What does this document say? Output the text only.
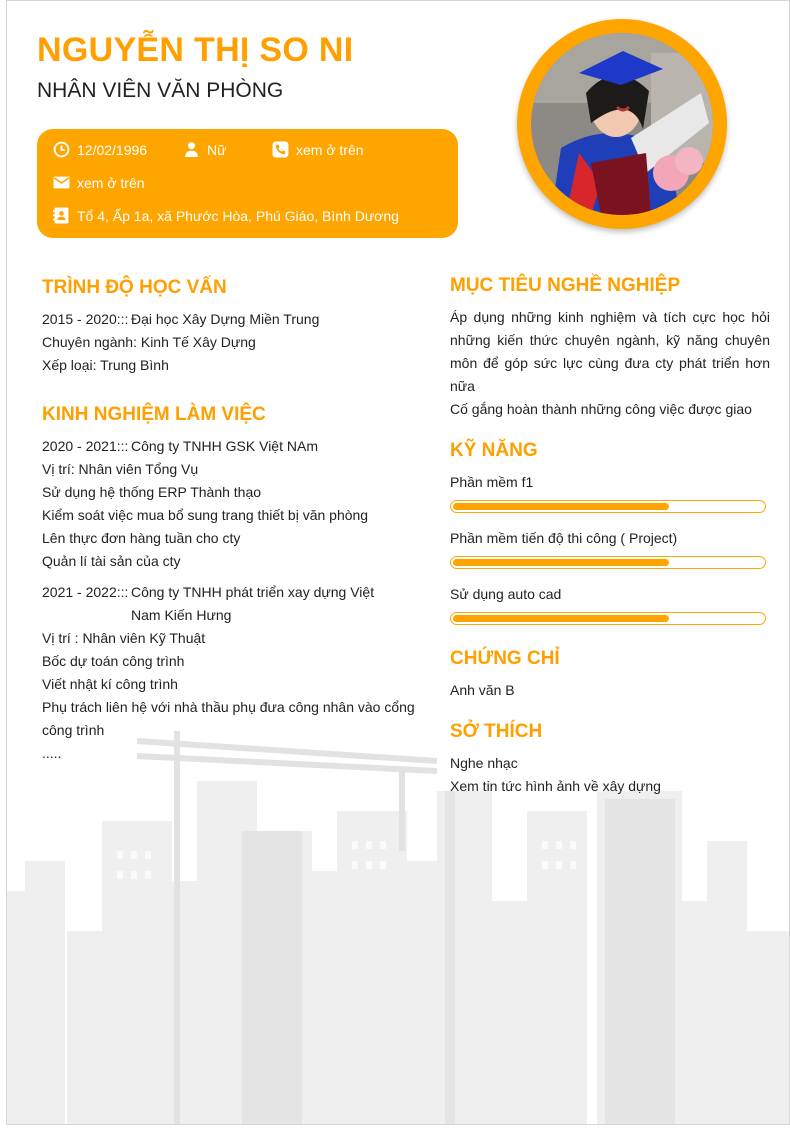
NGUYỄN THỊ SO NI
NHÂN VIÊN VĂN PHÒNG
12/02/1996	Nữ	xem ở trên
xem ở trên
Tổ 4, Ấp 1a, xã Phước Hòa, Phú Giáo, Bình Dương
TRÌNH ĐỘ HỌC VẤN
2015 - 2020::: Đại học Xây Dựng Miền Trung
Chuyên ngành: Kinh Tế Xây Dựng
Xếp loại: Trung Bình
KINH NGHIỆM LÀM VIỆC
2020 - 2021::: Công ty TNHH GSK Việt NAm
Vị trí: Nhân viên Tổng Vụ
Sử dụng hệ thống ERP Thành thạo
Kiểm soát việc mua bổ sung trang thiết bị văn phòng
Lên thực đơn hàng tuần cho cty
Quản lí tài sản của cty
2021 - 2022::: Công ty TNHH phát triển xay dựng Việt
Nam Kiến Hưng
Vị trí : Nhân viên Kỹ Thuật
Bốc dự toán công trình
Viết nhật kí công trình
Phụ trách liên hệ với nhà thầu phụ đưa công nhân vào cổng
công trình
.....
MỤC TIÊU NGHỀ NGHIỆP
Áp dụng những kinh nghiệm và tích cực học hỏi những kiến thức chuyên ngành, kỹ năng chuyên môn để góp sức lực cùng đưa cty phát triển hơn nữa
Cố gắng hoàn thành những công việc được giao
KỸ NĂNG
Phần mềm f1
Phần mềm tiến độ thi công ( Project)
Sử dụng auto cad
CHỨNG CHỈ
Anh văn B
SỞ THÍCH
Nghe nhạc
Xem tin tức hình ảnh về xây dựng
